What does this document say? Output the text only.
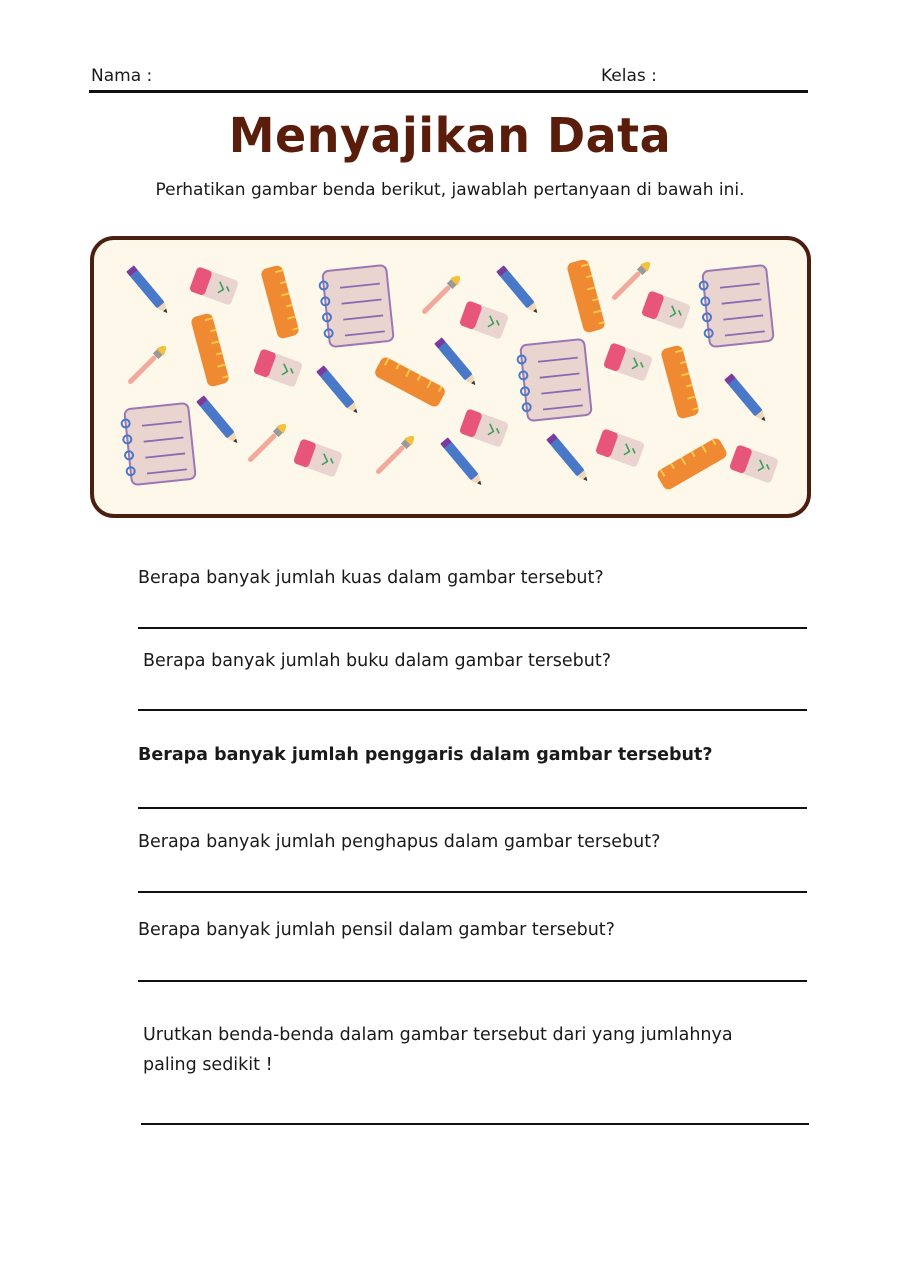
Nama :	Kelas :
Menyajikan Data
Perhatikan gambar benda berikut, jawablah pertanyaan di bawah ini.
Berapa banyak jumlah kuas dalam gambar tersebut?
Berapa banyak jumlah buku dalam gambar tersebut?
Berapa banyak jumlah penggaris dalam gambar tersebut?
Berapa banyak jumlah penghapus dalam gambar tersebut?
Berapa banyak jumlah pensil dalam gambar tersebut?
Urutkan benda-benda dalam gambar tersebut dari yang jumlahnya
paling sedikit !
